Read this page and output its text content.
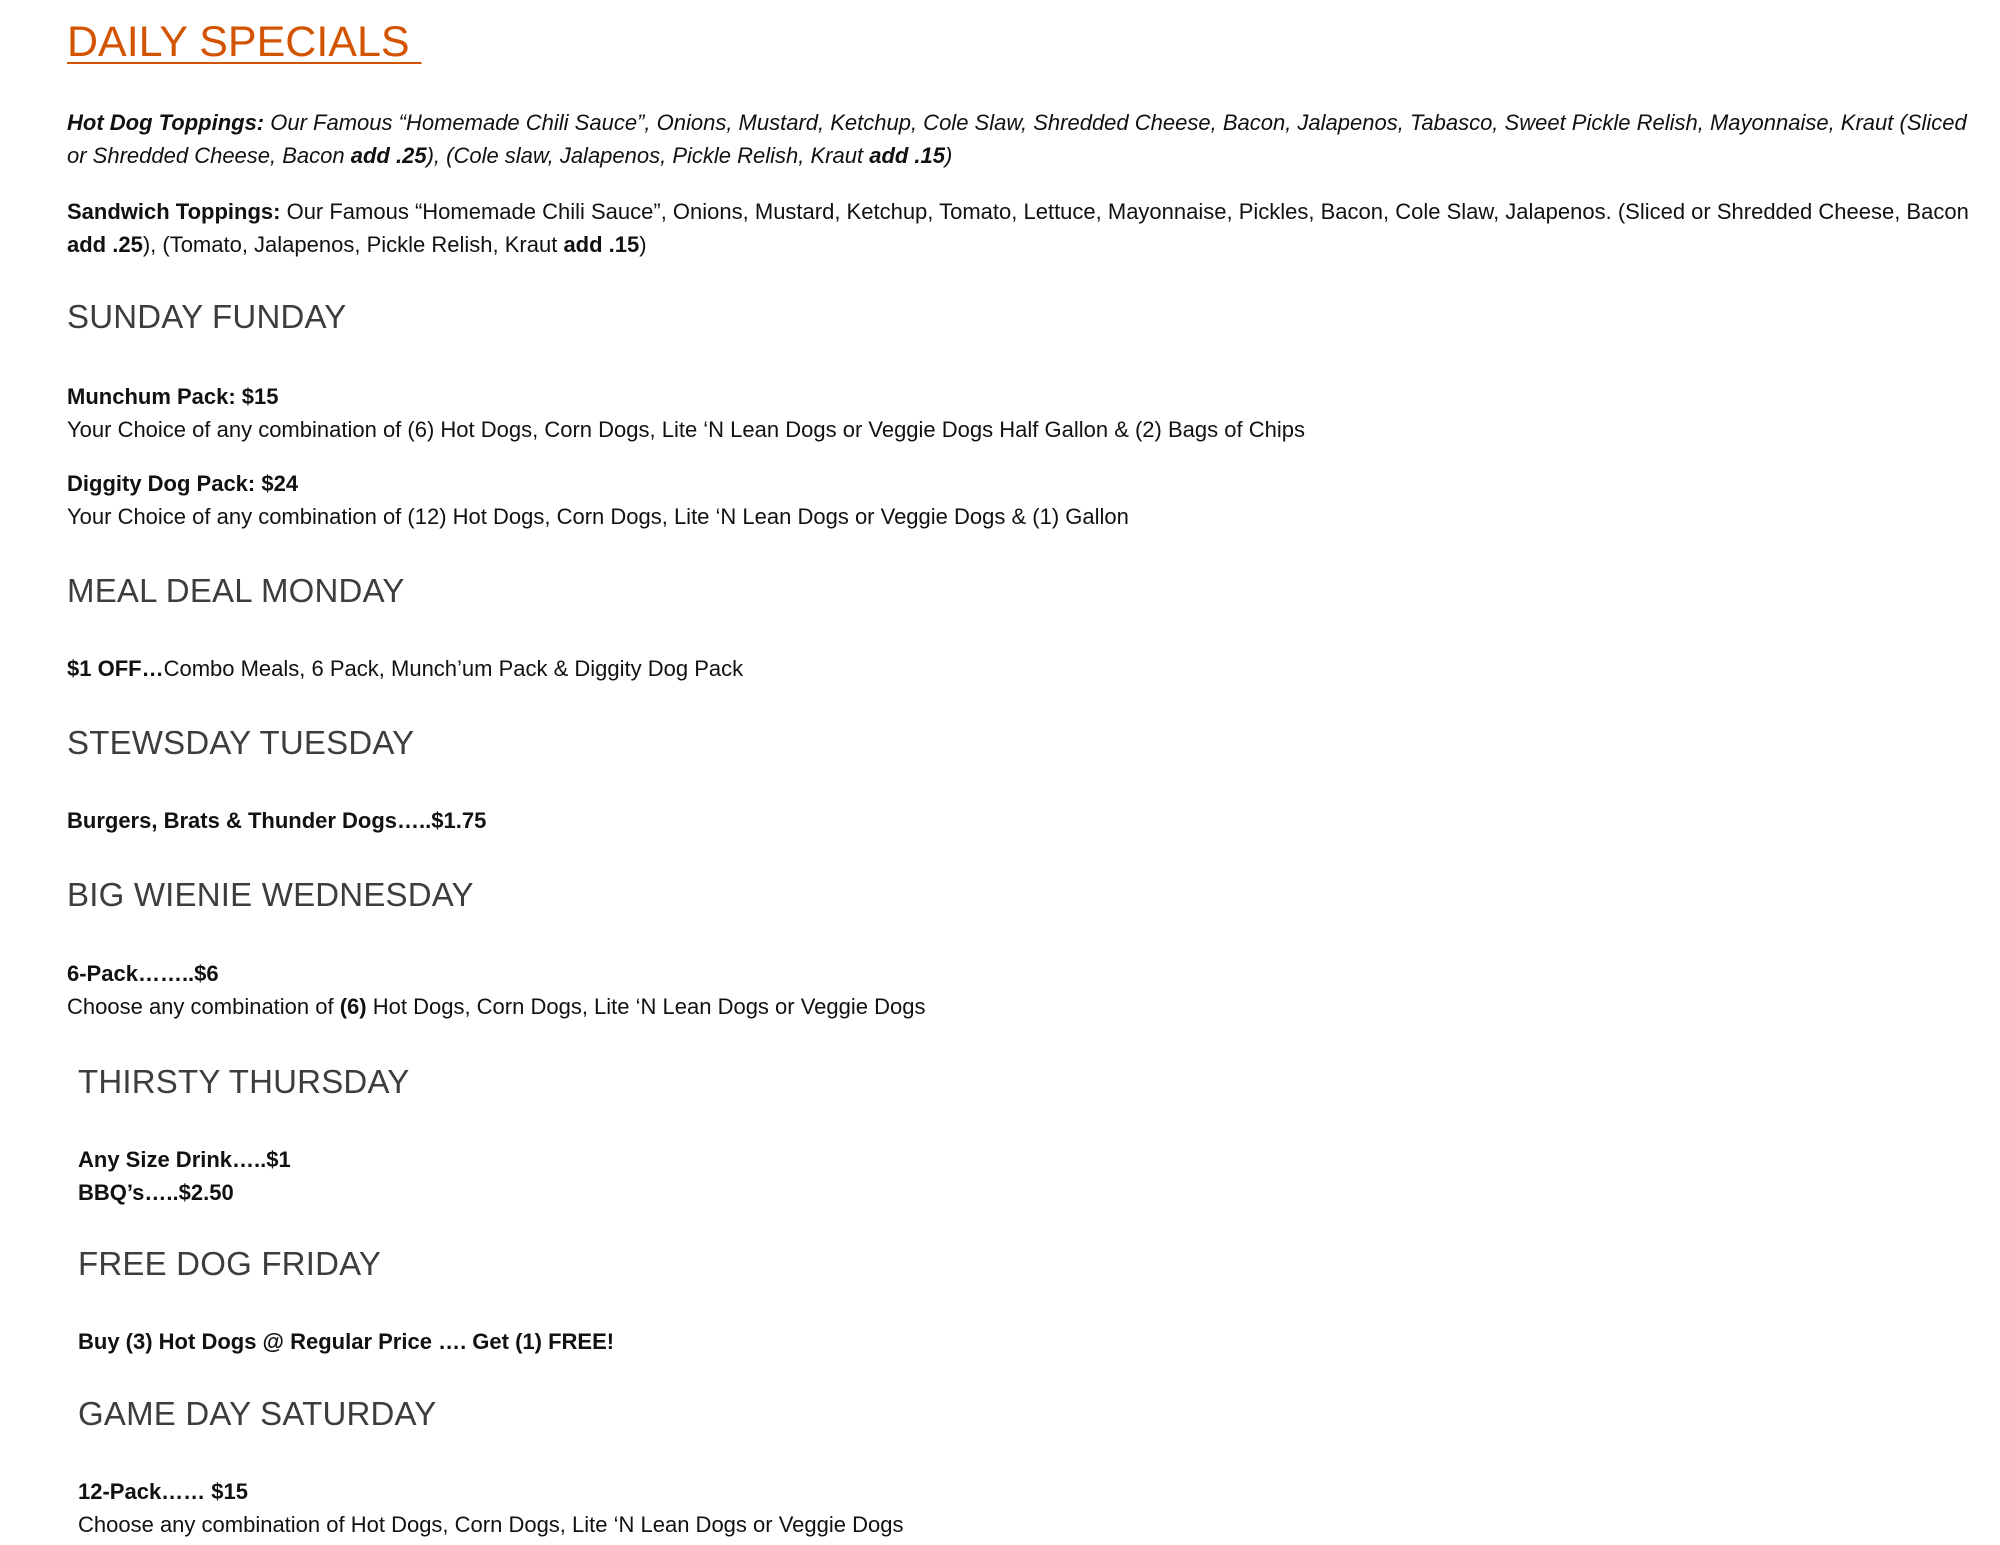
DAILY SPECIALS

Hot Dog Toppings: Our Famous “Homemade Chili Sauce”, Onions, Mustard, Ketchup, Cole Slaw, Shredded Cheese, Bacon, Jalapenos, Tabasco, Sweet Pickle Relish, Mayonnaise, Kraut (Sliced or Shredded Cheese, Bacon add .25), (Cole slaw, Jalapenos, Pickle Relish, Kraut add .15)

Sandwich Toppings: Our Famous “Homemade Chili Sauce”, Onions, Mustard, Ketchup, Tomato, Lettuce, Mayonnaise, Pickles, Bacon, Cole Slaw, Jalapenos. (Sliced or Shredded Cheese, Bacon add .25), (Tomato, Jalapenos, Pickle Relish, Kraut add .15)

SUNDAY FUNDAY
Munchum Pack: $15
Your Choice of any combination of (6) Hot Dogs, Corn Dogs, Lite ‘N Lean Dogs or Veggie Dogs Half Gallon & (2) Bags of Chips
Diggity Dog Pack: $24
Your Choice of any combination of (12) Hot Dogs, Corn Dogs, Lite ‘N Lean Dogs or Veggie Dogs & (1) Gallon
MEAL DEAL MONDAY
$1 OFF…Combo Meals, 6 Pack, Munch’um Pack & Diggity Dog Pack
STEWSDAY TUESDAY
Burgers, Brats & Thunder Dogs…..$1.75
BIG WIENIE WEDNESDAY
6-Pack……..$6
Choose any combination of (6) Hot Dogs, Corn Dogs, Lite ‘N Lean Dogs or Veggie Dogs
THIRSTY THURSDAY
Any Size Drink…..$1
BBQ’s…..$2.50
FREE DOG FRIDAY
Buy (3) Hot Dogs @ Regular Price …. Get (1) FREE!
GAME DAY SATURDAY
12-Pack…… $15
Choose any combination of Hot Dogs, Corn Dogs, Lite ‘N Lean Dogs or Veggie Dogs
